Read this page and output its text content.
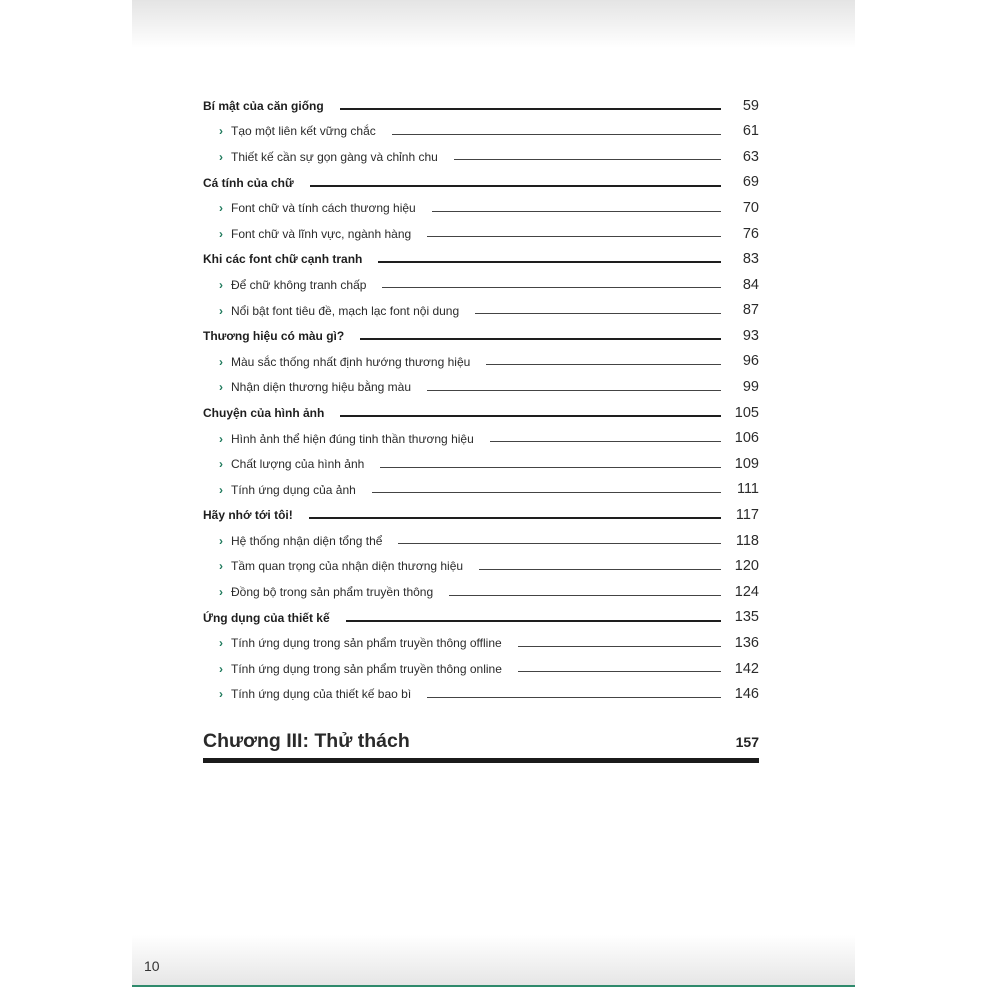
Bí mật của căn giống	59
› Tạo một liên kết vững chắc	61
› Thiết kế cần sự gọn gàng và chỉnh chu	63
Cá tính của chữ	69
› Font chữ và tính cách thương hiệu	70
› Font chữ và lĩnh vực, ngành hàng	76
Khi các font chữ cạnh tranh	83
› Để chữ không tranh chấp	84
› Nổi bật font tiêu đề, mạch lạc font nội dung	87
Thương hiệu có màu gì?	93
› Màu sắc thống nhất định hướng thương hiệu	96
› Nhận diện thương hiệu bằng màu	99
Chuyện của hình ảnh	105
› Hình ảnh thể hiện đúng tinh thần thương hiệu	106
› Chất lượng của hình ảnh	109
› Tính ứng dụng của ảnh	111
Hãy nhớ tới tôi!	117
› Hệ thống nhận diện tổng thể	118
› Tầm quan trọng của nhận diện thương hiệu	120
› Đồng bộ trong sản phẩm truyền thông	124
Ứng dụng của thiết kế	135
› Tính ứng dụng trong sản phẩm truyền thông offline	136
› Tính ứng dụng trong sản phẩm truyền thông online	142
› Tính ứng dụng của thiết kế bao bì	146
Chương III: Thử thách	157
10
